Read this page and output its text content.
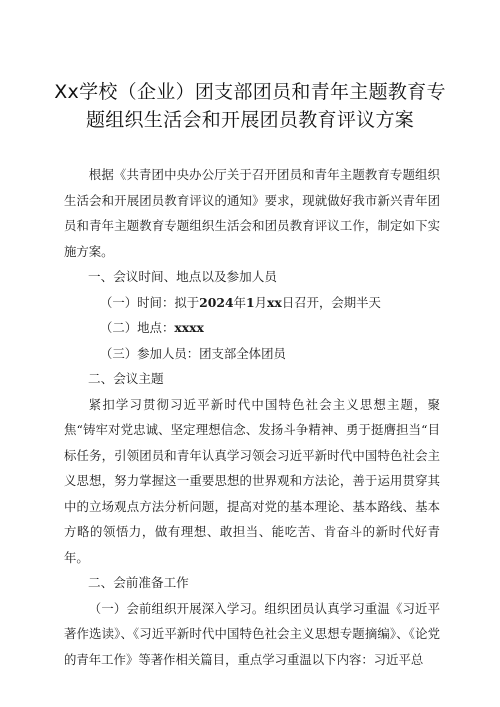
Xx学校（企业）团支部团员和青年主题教育专
题组织生活会和开展团员教育评议方案

根据《共青团中央办公厅关于召开团员和青年主题教育专题组织生活会和开展团员教育评议的通知》要求，现就做好我市新兴青年团员和青年主题教育专题组织生活会和团员教育评议工作，制定如下实施方案。

一、会议时间、地点以及参加人员

（一）时间：拟于2024年1月xx日召开，会期半天

（二）地点：xxxx

（三）参加人员：团支部全体团员

二、会议主题

紧扣学习贯彻习近平新时代中国特色社会主义思想主题，聚焦“铸牢对党忠诚、坚定理想信念、发扬斗争精神、勇于挺膺担当“目标任务，引领团员和青年认真学习领会习近平新时代中国特色社会主义思想，努力掌握这一重要思想的世界观和方法论，善于运用贯穿其中的立场观点方法分析问题，提高对党的基本理论、基本路线、基本方略的领悟力，做有理想、敢担当、能吃苦、肯奋斗的新时代好青年。

二、会前准备工作

（一）会前组织开展深入学习。组织团员认真学习重温《习近平著作选读》、《习近平新时代中国特色社会主义思想专题摘编》、《论党的青年工作》等著作相关篇目，重点学习重温以下内容：习近平总
